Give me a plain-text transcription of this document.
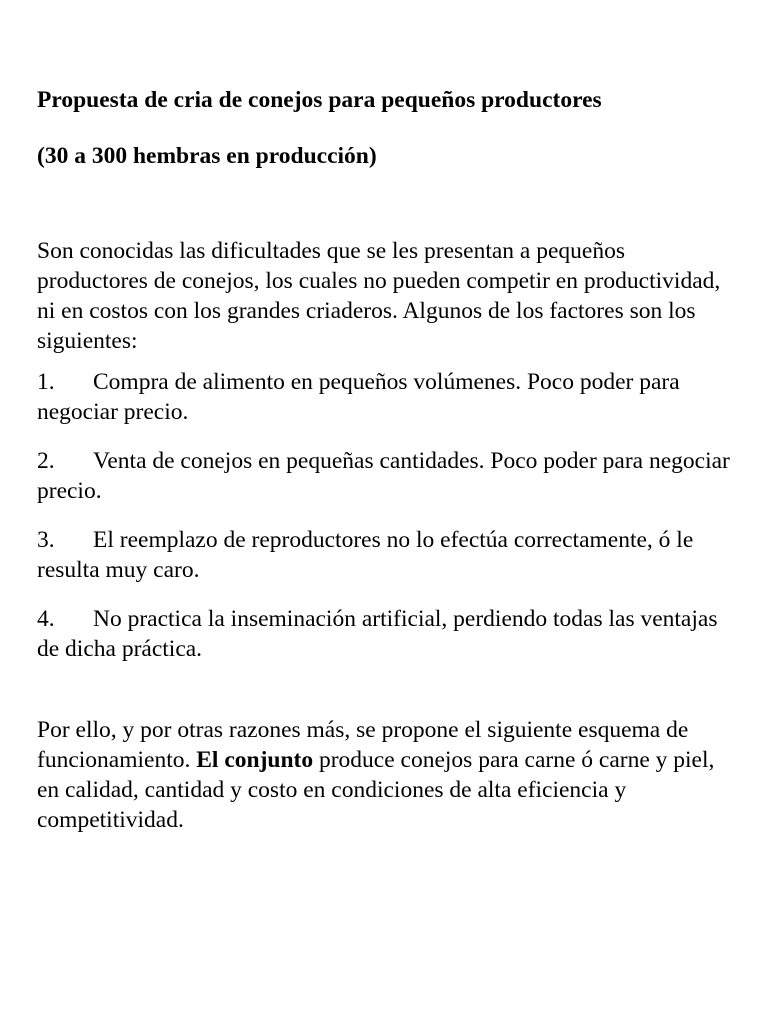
Propuesta de cria de conejos para pequeños productores

(30 a 300 hembras en producción)

Son conocidas las dificultades que se les presentan a pequeños productores de conejos, los cuales no pueden competir en productividad, ni en costos con los grandes criaderos. Algunos de los factores son los siguientes:

1. Compra de alimento en pequeños volúmenes. Poco poder para negociar precio.

2. Venta de conejos en pequeñas cantidades. Poco poder para negociar precio.

3. El reemplazo de reproductores no lo efectúa correctamente, ó le resulta muy caro.

4. No practica la inseminación artificial, perdiendo todas las ventajas de dicha práctica.

Por ello, y por otras razones más, se propone el siguiente esquema de funcionamiento. El conjunto produce conejos para carne ó carne y piel, en calidad, cantidad y costo en condiciones de alta eficiencia y competitividad.
